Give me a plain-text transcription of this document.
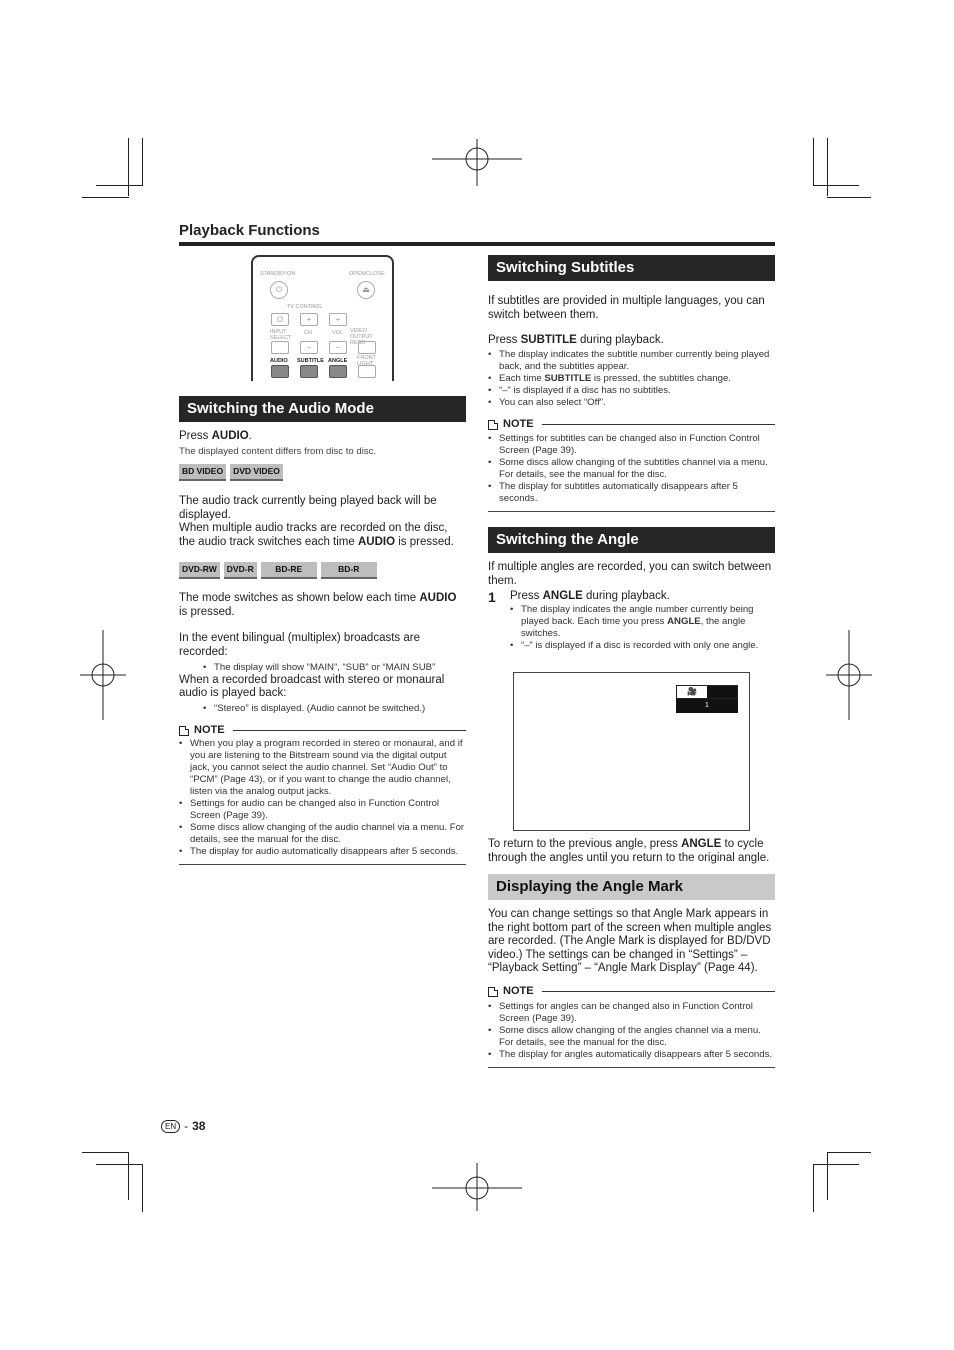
Playback Functions
STANDBY/ON	OPEN/CLOSE
⏻	⏏
TV CONTROL
⏻	+	+
INPUT SELECT
CH	VOL VIDEO OUTPUT RESO
−	−
AUDIO SUBTITLE ANGLE FRONT LIGHT
Switching the Audio Mode

Press AUDIO.

The displayed content differs from disc to disc.

BD VIDEO DVD VIDEO

The audio track currently being played back will be displayed.

When multiple audio tracks are recorded on the disc, the audio track switches each time AUDIO is pressed.

DVD-RW DVD-R	BD-RE	BD-R

The mode switches as shown below each time AUDIO is pressed.

In the event bilingual (multiplex) broadcasts are recorded:

• The display will show “MAIN”, “SUB” or “MAIN SUB”

When a recorded broadcast with stereo or monaural audio is played back:

• “Stereo” is displayed. (Audio cannot be switched.)
NOTE
• When you play a program recorded in stereo or monaural, and if you are listening to the Bitstream sound via the digital output jack, you cannot select the audio channel. Set “Audio Out” to “PCM” (Page 43), or if you want to change the audio channel, listen via the analog output jacks.
• Settings for audio can be changed also in Function Control Screen (Page 39).
• Some discs allow changing of the audio channel via a menu. For details, see the manual for the disc.
• The display for audio automatically disappears after 5 seconds.
Switching Subtitles

If subtitles are provided in multiple languages, you can switch between them.

Press SUBTITLE during playback.

• The display indicates the subtitle number currently being played back, and the subtitles appear.
• Each time SUBTITLE is pressed, the subtitles change.
• “–” is displayed if a disc has no subtitles.
• You can also select “Off”.
NOTE
• Settings for subtitles can be changed also in Function Control Screen (Page 39).
• Some discs allow changing of the subtitles channel via a menu. For details, see the manual for the disc.
• The display for subtitles automatically disappears after 5 seconds.
Switching the Angle

If multiple angles are recorded, you can switch between them.

1	Press ANGLE during playback.

• The display indicates the angle number currently being played back. Each time you press ANGLE, the angle switches.
• “–” is displayed if a disc is recorded with only one angle.
🎥
1

To return to the previous angle, press ANGLE to cycle through the angles until you return to the original angle.

Displaying the Angle Mark

You can change settings so that Angle Mark appears in the right bottom part of the screen when multiple angles are recorded. (The Angle Mark is displayed for BD/DVD video.) The settings can be changed in “Settings” – “Playback Setting” – “Angle Mark Display” (Page 44).

NOTE
• Settings for angles can be changed also in Function Control Screen (Page 39).
• Some discs allow changing of the angles channel via a menu. For details, see the manual for the disc.
• The display for angles automatically disappears after 5 seconds.
EN - 38
